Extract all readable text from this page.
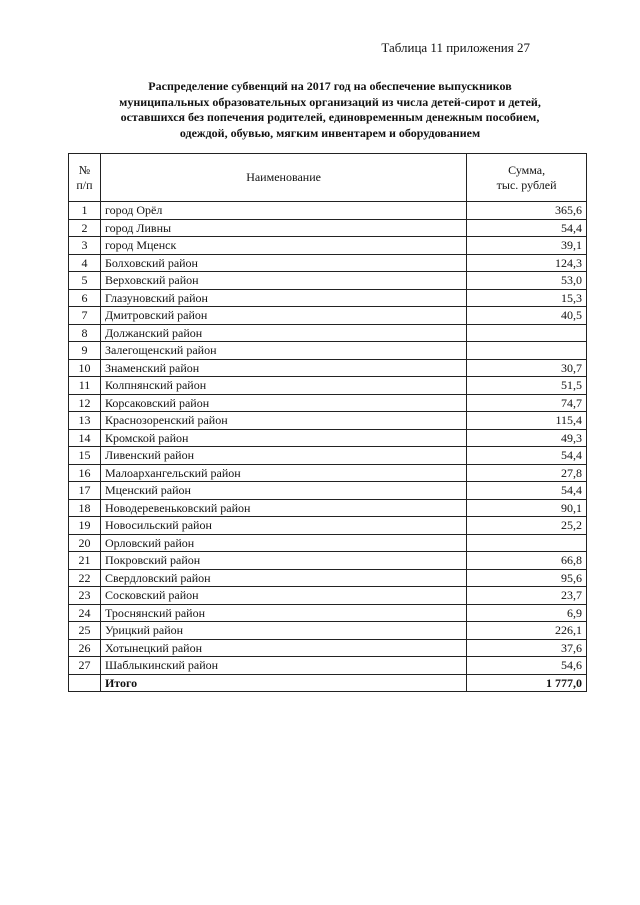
Таблица 11 приложения 27
Распределение субвенций на 2017 год на обеспечение выпускников
муниципальных образовательных организаций из числа детей-сирот и детей,
оставшихся без попечения родителей, единовременным денежным пособием,
одеждой, обувью, мягким инвентарем и оборудованием
№
п/п	Наименование	Сумма,
тыс. рублей

1	город Орёл	365,6
2	город Ливны	54,4
3	город Мценск	39,1
4	Болховский район	124,3
5	Верховский район	53,0
6	Глазуновский район	15,3
7	Дмитровский район	40,5
8	Должанский район	
9	Залегощенский район	
10	Знаменский район	30,7
11	Колпнянский район	51,5
12	Корсаковский район	74,7
13	Краснозоренский район	115,4
14	Кромской район	49,3
15	Ливенский район	54,4
16	Малоархангельский район	27,8
17	Мценский район	54,4
18	Новодеревеньковский район	90,1
19	Новосильский район	25,2
20	Орловский район	
21	Покровский район	66,8
22	Свердловский район	95,6
23	Сосковский район	23,7
24	Троснянский район	6,9
25	Урицкий район	226,1
26	Хотынецкий район	37,6
27	Шаблыкинский район	54,6
	Итого	1 777,0
